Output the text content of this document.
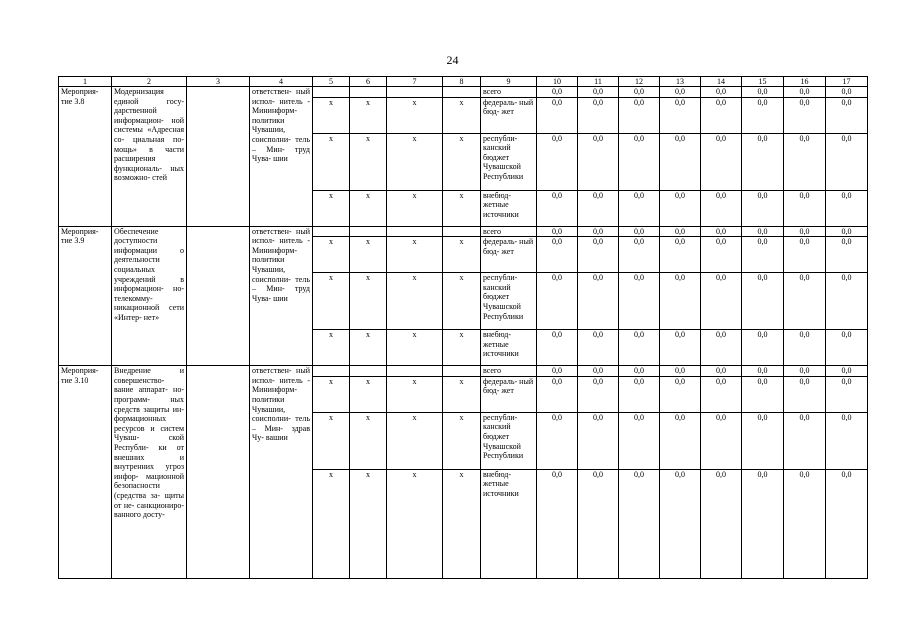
24
1	2	3	4	5	6	7	8	9	10	11	12	13	14	15	16	17
Мероприя- тие 3.8	Модернизация единой госу- дарственной информацион- ной системы «Адресная со- циальная по- мощь» в части расширения функциональ- ных возможно- стей		ответствен- ный испол- нитель - Мининформ- политики Чувашии, соисполни- тель – Мин- труд Чува- шии					всего	0,0	0,0	0,0	0,0	0,0	0,0	0,0	0,0
				х	х	х	х	федераль- ный бюд- жет	0,0	0,0	0,0	0,0	0,0	0,0	0,0	0,0
				х	х	х	х	республи- канский бюджет Чувашской Республики	0,0	0,0	0,0	0,0	0,0	0,0	0,0	0,0
				х	х	х	х	внебюд- жетные источники	0,0	0,0	0,0	0,0	0,0	0,0	0,0	0,0
Мероприя- тие 3.9	Обеспечение доступности информации о деятельности социальных учреждений в информацион- но-телекомму- никационной сети «Интер- нет»		ответствен- ный испол- нитель - Мининформ- политики Чувашии, соисполни- тель – Мин- труд Чува- шии					всего	0,0	0,0	0,0	0,0	0,0	0,0	0,0	0,0
				х	х	х	х	федераль- ный бюд- жет	0,0	0,0	0,0	0,0	0,0	0,0	0,0	0,0
				х	х	х	х	республи- канский бюджет Чувашской Республики	0,0	0,0	0,0	0,0	0,0	0,0	0,0	0,0
				х	х	х	х	внебюд- жетные источники	0,0	0,0	0,0	0,0	0,0	0,0	0,0	0,0
Мероприя- тие 3.10	Внедрение и совершенство- вание аппарат- но-программ- ных средств защиты ин- формационных ресурсов и систем Чуваш- ской Республи- ки от внешних и внутренних угроз инфор- мационной безопасности (средства за- щиты от не- санкциониро- ванного досту-		ответствен- ный испол- нитель - Мининформ- политики Чувашии, соисполни- тель – Мин- здрав Чу- вашии					всего	0,0	0,0	0,0	0,0	0,0	0,0	0,0	0,0
				х	х	х	х	федераль- ный бюд- жет	0,0	0,0	0,0	0,0	0,0	0,0	0,0	0,0
				х	х	х	х	республи- канский бюджет Чувашской Республики	0,0	0,0	0,0	0,0	0,0	0,0	0,0	0,0
				х	х	х	х	внебюд- жетные источники	0,0	0,0	0,0	0,0	0,0	0,0	0,0	0,0
